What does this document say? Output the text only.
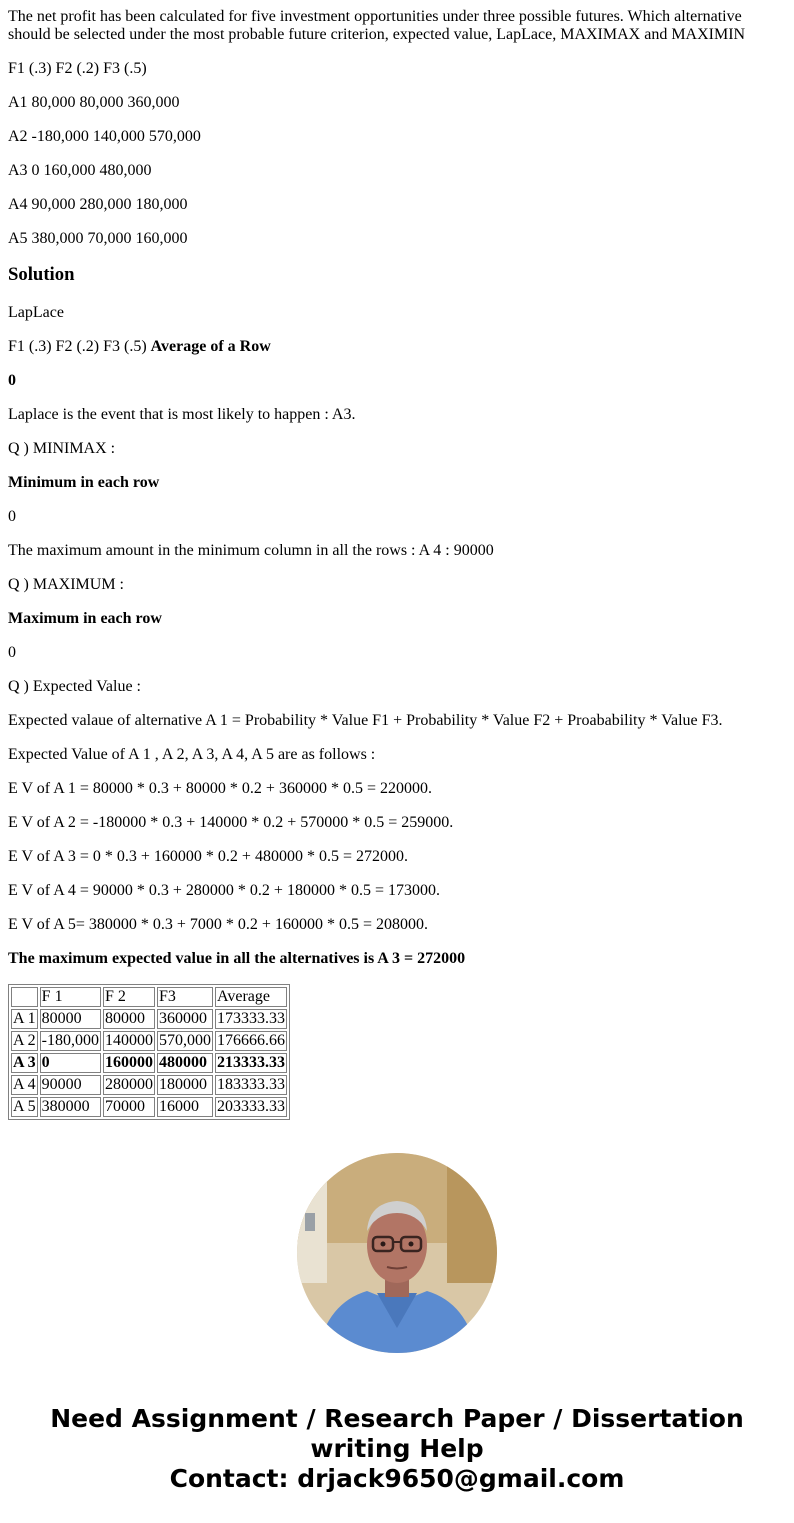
The net profit has been calculated for five investment opportunities under three possible futures. Which alternative should be selected under the most probable future criterion, expected value, LapLace, MAXIMAX and MAXIMIN

F1 (.3) F2 (.2) F3 (.5)

A1 80,000 80,000 360,000

A2 -180,000 140,000 570,000

A3 0 160,000 480,000

A4 90,000 280,000 180,000

A5 380,000 70,000 160,000

Solution

LapLace

F1 (.3) F2 (.2) F3 (.5) Average of a Row

0

Laplace is the event that is most likely to happen : A3.

Q ) MINIMAX :

Minimum in each row

0

The maximum amount in the minimum column in all the rows : A 4 : 90000

Q ) MAXIMUM :

Maximum in each row

0

Q ) Expected Value :

Expected valaue of alternative A 1 = Probability * Value F1 + Probability * Value F2 + Proabability * Value F3.

Expected Value of A 1 , A 2, A 3, A 4, A 5 are as follows :

E V of A 1 = 80000 * 0.3 + 80000 * 0.2 + 360000 * 0.5 = 220000.

E V of A 2 = -180000 * 0.3 + 140000 * 0.2 + 570000 * 0.5 = 259000.

E V of A 3 = 0 * 0.3 + 160000 * 0.2 + 480000 * 0.5 = 272000.

E V of A 4 = 90000 * 0.3 + 280000 * 0.2 + 180000 * 0.5 = 173000.

E V of A 5= 380000 * 0.3 + 7000 * 0.2 + 160000 * 0.5 = 208000.

The maximum expected value in all the alternatives is A 3 = 272000

	F 1	F 2	F3	Average
A 1	80000	80000	360000	173333.33
A 2	-180,000	140000	570,000	176666.66
A 3	0	160000	480000	213333.33
A 4	90000	280000	180000	183333.33
A 5	380000	70000	16000	203333.33
Need Assignment / Research Paper / Dissertation
writing Help
Contact: drjack9650@gmail.com
